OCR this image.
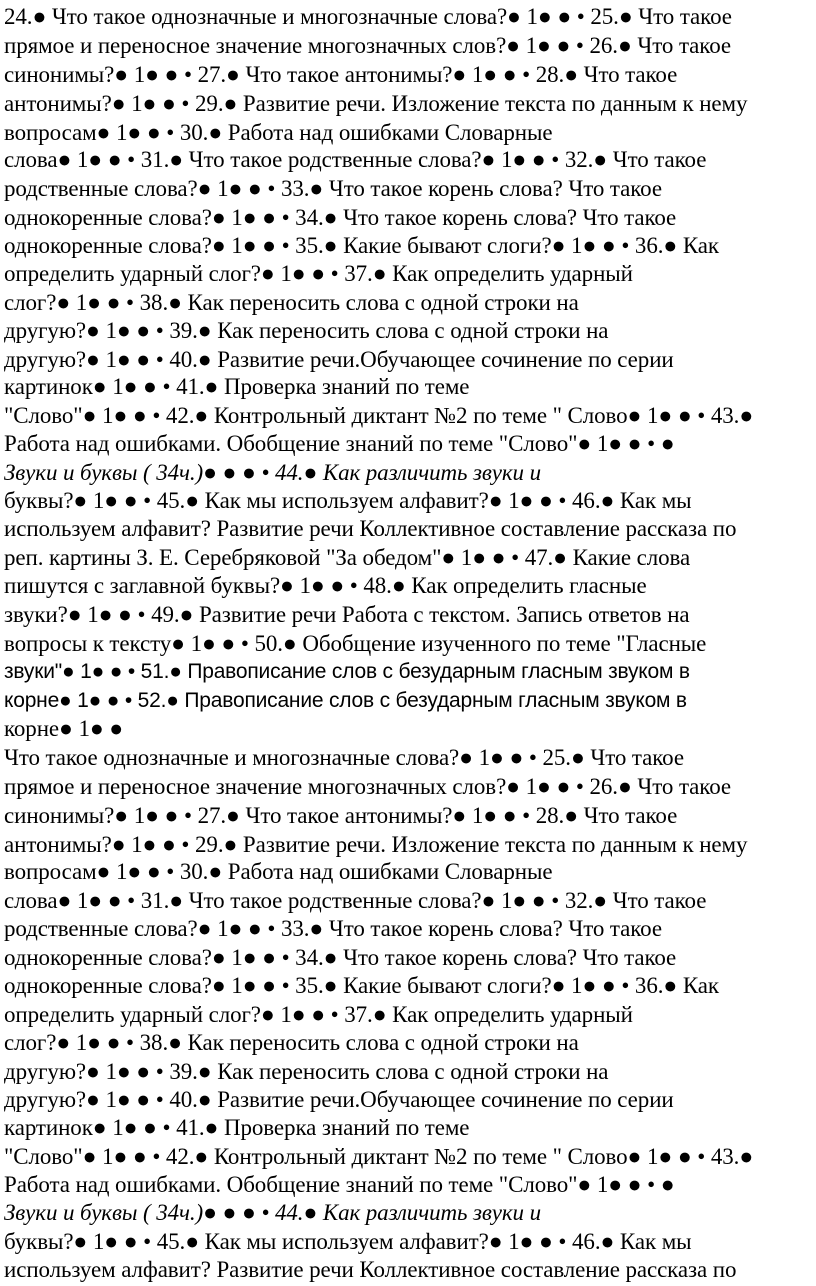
24.● Что такое однозначные и многозначные слова?● 1● ● • 25.● Что такое
прямое и переносное значение многозначных слов?● 1● ● • 26.● Что такое
синонимы?● 1● ● • 27.● Что такое антонимы?● 1● ● • 28.● Что такое
антонимы?● 1● ● • 29.● Развитие речи. Изложение текста по данным к нему
вопросам● 1● ● • 30.● Работа над ошибками Словарные
слова● 1● ● • 31.● Что такое родственные слова?● 1● ● • 32.● Что такое
родственные слова?● 1● ● • 33.● Что такое корень слова? Что такое
однокоренные слова?● 1● ● • 34.● Что такое корень слова? Что такое
однокоренные слова?● 1● ● • 35.● Какие бывают слоги?● 1● ● • 36.● Как
определить ударный слог?● 1● ● • 37.● Как определить ударный
слог?● 1● ● • 38.● Как переносить слова с одной строки на
другую?● 1● ● • 39.● Как переносить слова с одной строки на
другую?● 1● ● • 40.● Развитие речи.Обучающее сочинение по серии
картинок● 1● ● • 41.● Проверка знаний по теме
"Слово"● 1● ● • 42.● Контрольный диктант №2 по теме " Слово● 1● ● • 43.●
Работа над ошибками. Обобщение знаний по теме "Слово"● 1● ● • ●
Звуки и буквы ( 34ч.)● ● ● • 44.● Как различить звуки и
буквы?● 1● ● • 45.● Как мы используем алфавит?● 1● ● • 46.● Как мы
используем алфавит? Развитие речи Коллективное составление рассказа по
реп. картины З. Е. Серебряковой "За обедом"● 1● ● • 47.● Какие слова
пишутся с заглавной буквы?● 1● ● • 48.● Как определить гласные
звуки?● 1● ● • 49.● Развитие речи Работа с текстом. Запись ответов на
вопросы к тексту● 1● ● • 50.● Обобщение изученного по теме "Гласные
звуки"● 1● ● • 51.● Правописание слов с безударным гласным звуком в
корне● 1● ● • 52.● Правописание слов с безударным гласным звуком в
корне● 1● ●
Что такое однозначные и многозначные слова?● 1● ● • 25.● Что такое
прямое и переносное значение многозначных слов?● 1● ● • 26.● Что такое
синонимы?● 1● ● • 27.● Что такое антонимы?● 1● ● • 28.● Что такое
антонимы?● 1● ● • 29.● Развитие речи. Изложение текста по данным к нему
вопросам● 1● ● • 30.● Работа над ошибками Словарные
слова● 1● ● • 31.● Что такое родственные слова?● 1● ● • 32.● Что такое
родственные слова?● 1● ● • 33.● Что такое корень слова? Что такое
однокоренные слова?● 1● ● • 34.● Что такое корень слова? Что такое
однокоренные слова?● 1● ● • 35.● Какие бывают слоги?● 1● ● • 36.● Как
определить ударный слог?● 1● ● • 37.● Как определить ударный
слог?● 1● ● • 38.● Как переносить слова с одной строки на
другую?● 1● ● • 39.● Как переносить слова с одной строки на
другую?● 1● ● • 40.● Развитие речи.Обучающее сочинение по серии
картинок● 1● ● • 41.● Проверка знаний по теме
"Слово"● 1● ● • 42.● Контрольный диктант №2 по теме " Слово● 1● ● • 43.●
Работа над ошибками. Обобщение знаний по теме "Слово"● 1● ● • ●
Звуки и буквы ( 34ч.)● ● ● • 44.● Как различить звуки и
буквы?● 1● ● • 45.● Как мы используем алфавит?● 1● ● • 46.● Как мы
используем алфавит? Развитие речи Коллективное составление рассказа по
